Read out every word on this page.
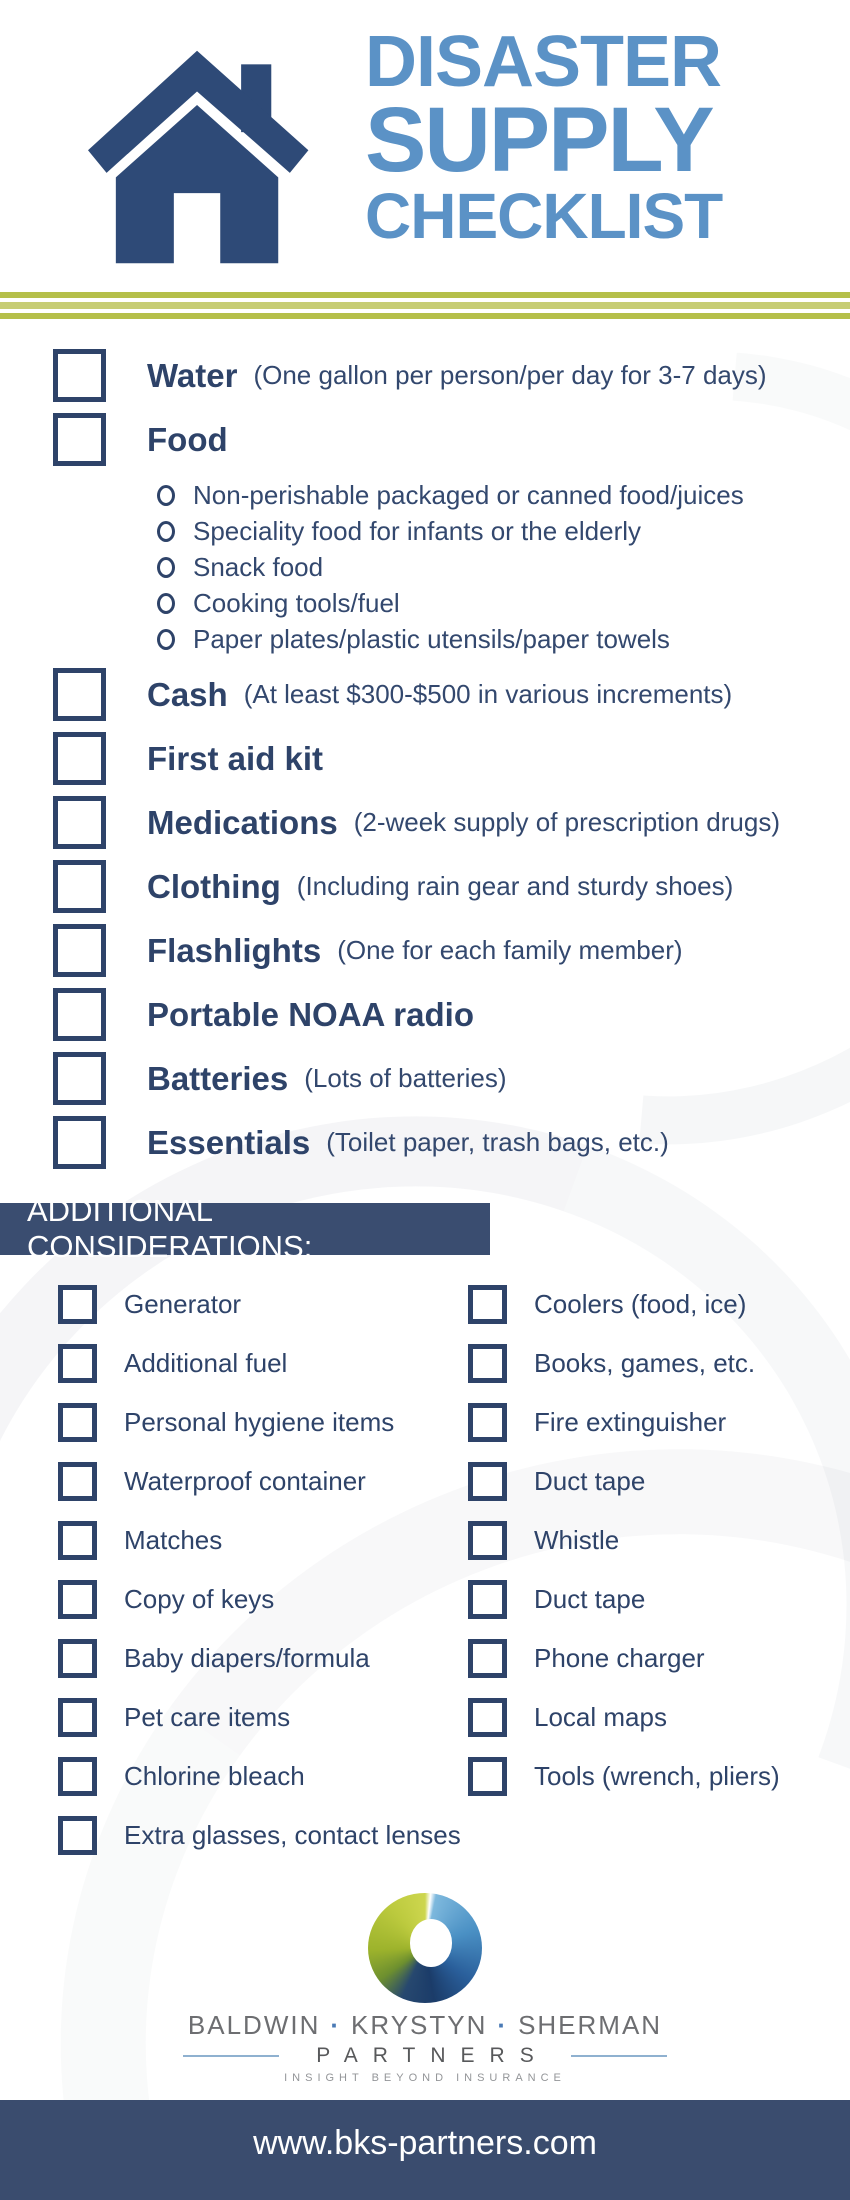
DISASTER
SUPPLY
CHECKLIST
Water (One gallon per person/per day for 3-7 days)
Food
Non-perishable packaged or canned food/juices
Speciality food for infants or the elderly
Snack food
Cooking tools/fuel
Paper plates/plastic utensils/paper towels
Cash (At least $300-$500 in various increments)
First aid kit
Medications (2-week supply of prescription drugs)
Clothing (Including rain gear and sturdy shoes)
Flashlights (One for each family member)
Portable NOAA radio
Batteries (Lots of batteries)
Essentials (Toilet paper, trash bags, etc.)
ADDITIONAL CONSIDERATIONS:
Generator
Additional fuel
Personal hygiene items
Waterproof container
Matches
Copy of keys
Baby diapers/formula
Pet care items
Chlorine bleach
Extra glasses, contact lenses
Coolers (food, ice)
Books, games, etc.
Fire extinguisher
Duct tape
Whistle
Duct tape
Phone charger
Local maps
Tools (wrench, pliers)
BALDWIN · KRYSTYN · SHERMAN
PARTNERS
INSIGHT BEYOND INSURANCE
www.bks-partners.com
